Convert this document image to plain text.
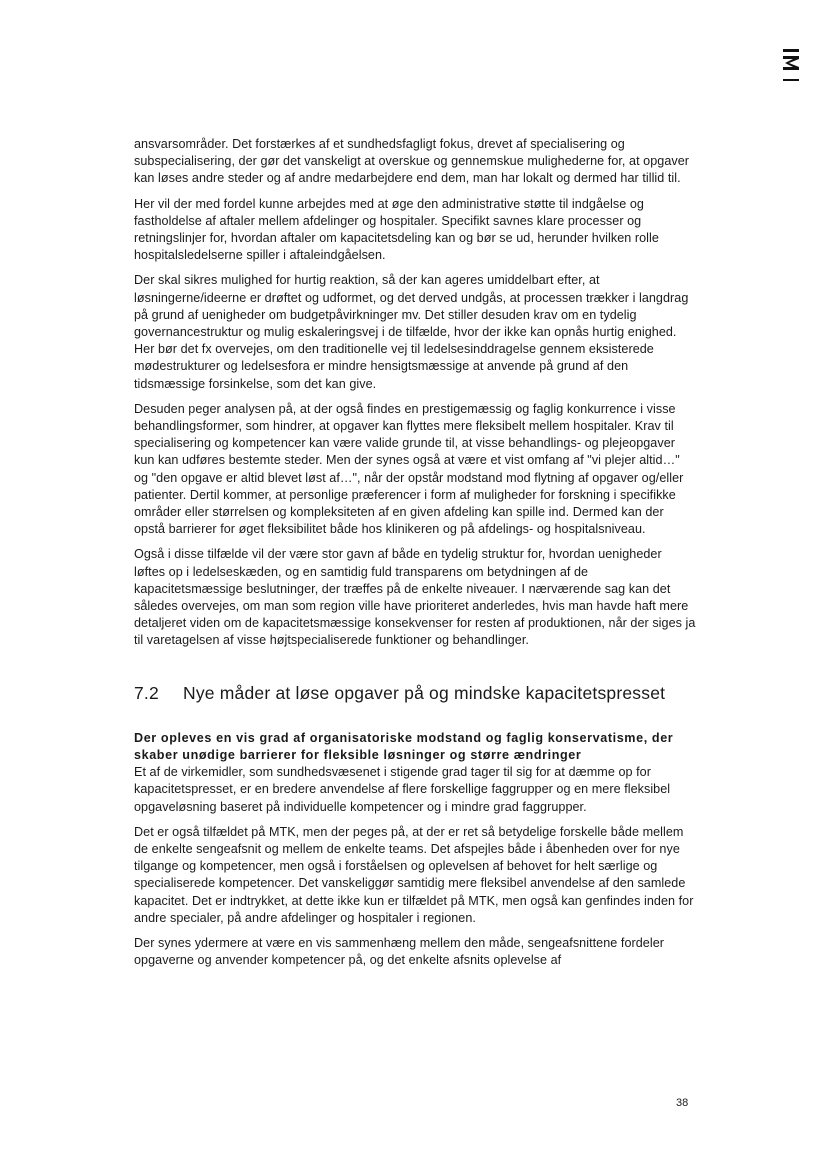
ansvarsområder. Det forstærkes af et sundhedsfagligt fokus, drevet af specialisering og subspecialisering, der gør det vanskeligt at overskue og gennemskue mulighederne for, at opgaver kan løses andre steder og af andre medarbejdere end dem, man har lokalt og dermed har tillid til.

Her vil der med fordel kunne arbejdes med at øge den administrative støtte til indgåelse og fastholdelse af aftaler mellem afdelinger og hospitaler. Specifikt savnes klare processer og retningslinjer for, hvordan aftaler om kapacitetsdeling kan og bør se ud, herunder hvilken rolle hospitalsledelserne spiller i aftaleindgåelsen.

Der skal sikres mulighed for hurtig reaktion, så der kan ageres umiddelbart efter, at løsningerne/ideerne er drøftet og udformet, og det derved undgås, at processen trækker i langdrag på grund af uenigheder om budgetpåvirkninger mv. Det stiller desuden krav om en tydelig governancestruktur og mulig eskaleringsvej i de tilfælde, hvor der ikke kan opnås hurtig enighed. Her bør det fx overvejes, om den traditionelle vej til ledelsesinddragelse gennem eksisterede mødestrukturer og ledelsesfora er mindre hensigtsmæssige at anvende på grund af den tidsmæssige forsinkelse, som det kan give.

Desuden peger analysen på, at der også findes en prestigemæssig og faglig konkurrence i visse behandlingsformer, som hindrer, at opgaver kan flyttes mere fleksibelt mellem hospitaler. Krav til specialisering og kompetencer kan være valide grunde til, at visse behandlings- og plejeopgaver kun kan udføres bestemte steder. Men der synes også at være et vist omfang af "vi plejer altid…" og "den opgave er altid blevet løst af…", når der opstår modstand mod flytning af opgaver og/eller patienter. Dertil kommer, at personlige præferencer i form af muligheder for forskning i specifikke områder eller størrelsen og kompleksiteten af en given afdeling kan spille ind. Dermed kan der opstå barrierer for øget fleksibilitet både hos klinikeren og på afdelings- og hospitalsniveau.

Også i disse tilfælde vil der være stor gavn af både en tydelig struktur for, hvordan uenigheder løftes op i ledelseskæden, og en samtidig fuld transparens om betydningen af de kapacitetsmæssige beslutninger, der træffes på de enkelte niveauer. I nærværende sag kan det således overvejes, om man som region ville have prioriteret anderledes, hvis man havde haft mere detaljeret viden om de kapacitetsmæssige konsekvenser for resten af produktionen, når der siges ja til varetagelsen af visse højtspecialiserede funktioner og behandlinger.

7.2	Nye måder at løse opgaver på og mindske kapacitetspresset

Der opleves en vis grad af organisatoriske modstand og faglig konservatisme, der skaber unødige barrierer for fleksible løsninger og større ændringer

Et af de virkemidler, som sundhedsvæsenet i stigende grad tager til sig for at dæmme op for kapacitetspresset, er en bredere anvendelse af flere forskellige faggrupper og en mere fleksibel opgaveløsning baseret på individuelle kompetencer og i mindre grad faggrupper.

Det er også tilfældet på MTK, men der peges på, at der er ret så betydelige forskelle både mellem de enkelte sengeafsnit og mellem de enkelte teams. Det afspejles både i åbenheden over for nye tilgange og kompetencer, men også i forståelsen og oplevelsen af behovet for helt særlige og specialiserede kompetencer. Det vanskeliggør samtidig mere fleksibel anvendelse af den samlede kapacitet. Det er indtrykket, at dette ikke kun er tilfældet på MTK, men også kan genfindes inden for andre specialer, på andre afdelinger og hospitaler i regionen.

Der synes ydermere at være en vis sammenhæng mellem den måde, sengeafsnittene fordeler opgaverne og anvender kompetencer på, og det enkelte afsnits oplevelse af

38
